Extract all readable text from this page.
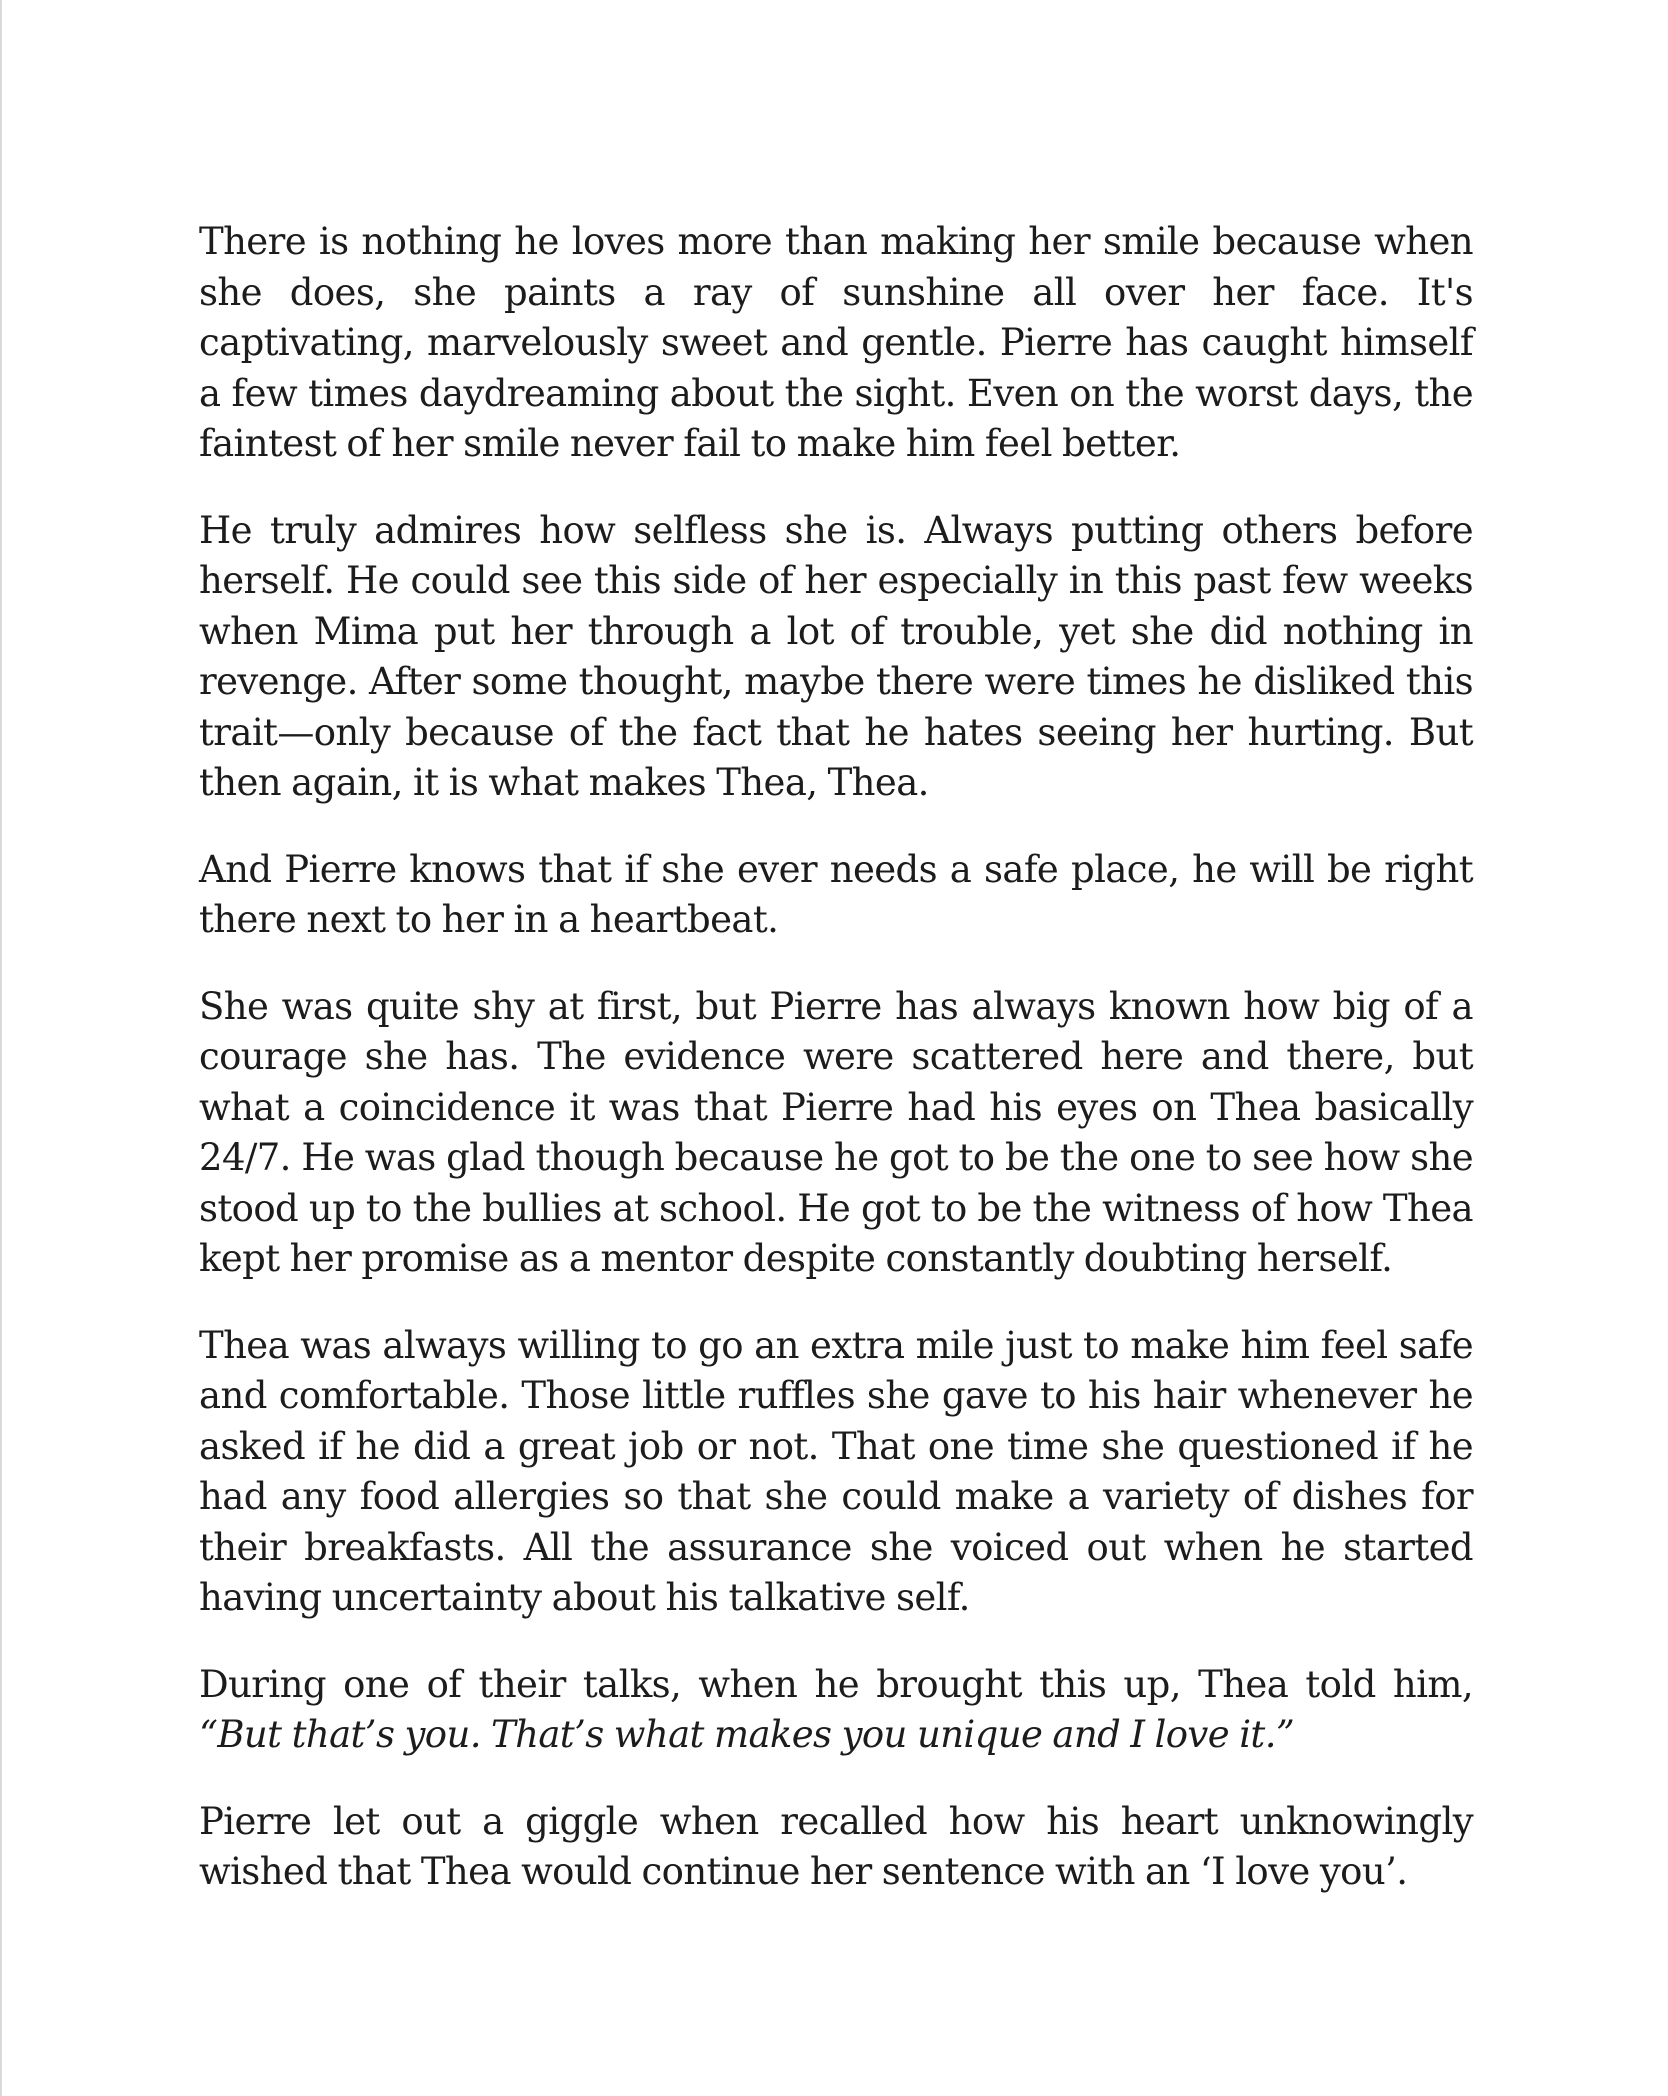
There is nothing he loves more than making her smile because when she does, she paints a ray of sunshine all over her face. It's captivating, marvelously sweet and gentle. Pierre has caught himself a few times daydreaming about the sight. Even on the worst days, the faintest of her smile never fail to make him feel better.

He truly admires how selfless she is. Always putting others before herself. He could see this side of her especially in this past few weeks when Mima put her through a lot of trouble, yet she did nothing in revenge. After some thought, maybe there were times he disliked this trait—only because of the fact that he hates seeing her hurting. But then again, it is what makes Thea, Thea.

And Pierre knows that if she ever needs a safe place, he will be right there next to her in a heartbeat.

She was quite shy at first, but Pierre has always known how big of a courage she has. The evidence were scattered here and there, but what a coincidence it was that Pierre had his eyes on Thea basically 24/7. He was glad though because he got to be the one to see how she stood up to the bullies at school. He got to be the witness of how Thea kept her promise as a mentor despite constantly doubting herself.

Thea was always willing to go an extra mile just to make him feel safe and comfortable. Those little ruffles she gave to his hair whenever he asked if he did a great job or not. That one time she questioned if he had any food allergies so that she could make a variety of dishes for their breakfasts. All the assurance she voiced out when he started having uncertainty about his talkative self.

During one of their talks, when he brought this up, Thea told him, “But that’s you. That’s what makes you unique and I love it.”

Pierre let out a giggle when recalled how his heart unknowingly wished that Thea would continue her sentence with an ‘I love you’.
